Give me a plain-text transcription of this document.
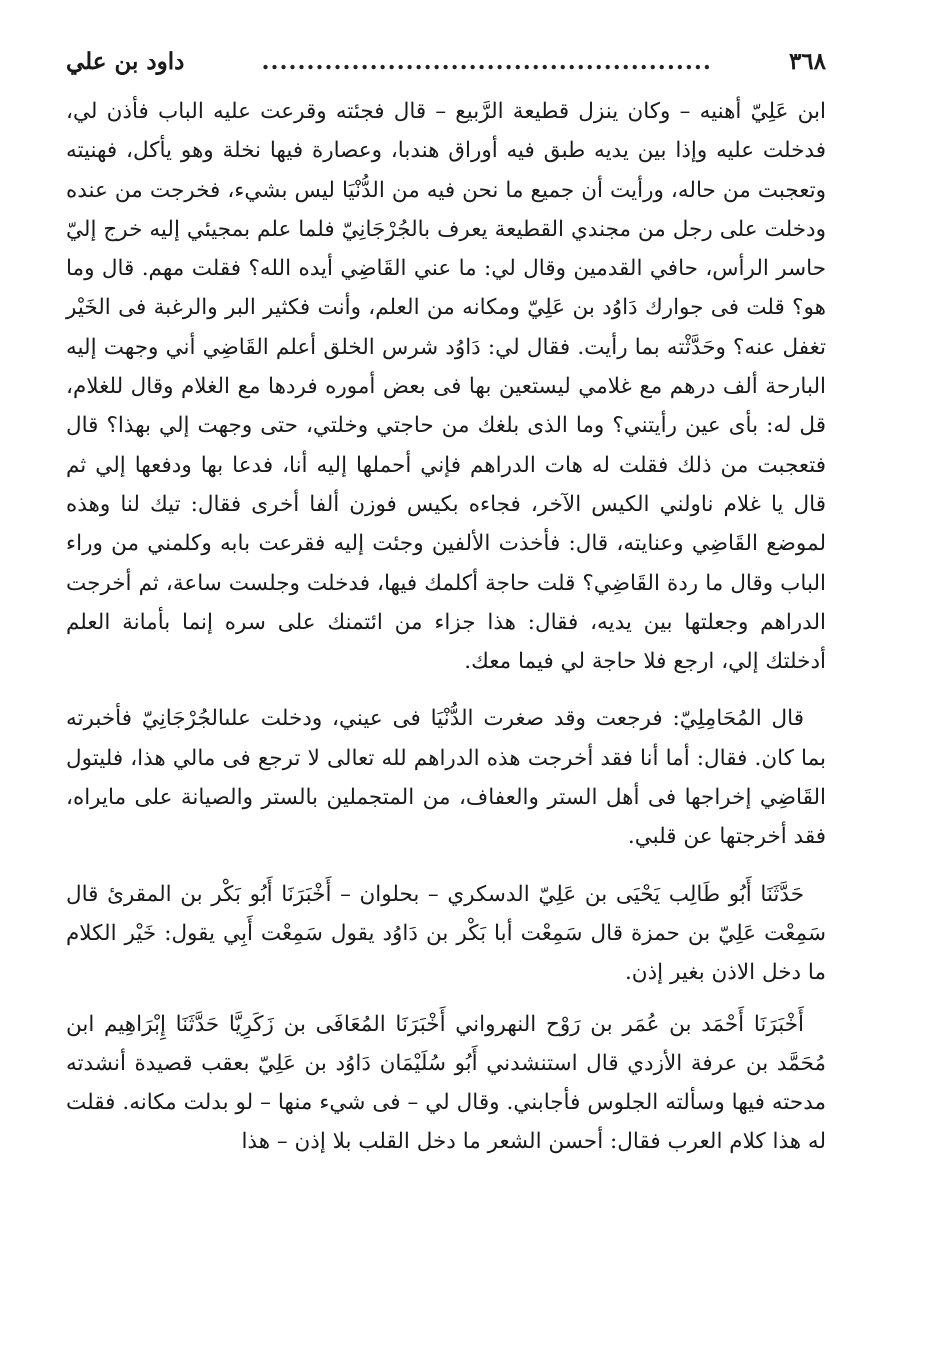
٣٦٨
..................................................
داود بن علي

ابن عَلِيّ أهنيه – وكان ينزل قطيعة الرَّبيع – قال فجئته وقرعت عليه الباب فأذن لي، فدخلت عليه وإذا بين يديه طبق فيه أوراق هندبا، وعصارة فيها نخلة وهو يأكل، فهنيته وتعجبت من حاله، ورأيت أن جميع ما نحن فيه من الدُّنْيَا ليس بشيء، فخرجت من عنده ودخلت على رجل من مجندي القطيعة يعرف بالجُرْجَانِيّ فلما علم بمجيئي إليه خرج إليّ حاسر الرأس، حافي القدمين وقال لي: ما عني القَاضِي أيده الله؟ فقلت مهم. قال وما هو؟ قلت فى جوارك دَاوُد بن عَلِيّ ومكانه من العلم، وأنت فكثير البر والرغبة فى الخَيْر تغفل عنه؟ وحَدَّثْته بما رأيت. فقال لي: دَاوُد شرس الخلق أعلم القَاضِي أني وجهت إليه البارحة ألف درهم مع غلامي ليستعين بها فى بعض أموره فردها مع الغلام وقال للغلام، قل له: بأى عين رأيتني؟ وما الذى بلغك من حاجتي وخلتي، حتى وجهت إلي بهذا؟ قال فتعجبت من ذلك فقلت له هات الدراهم فإني أحملها إليه أنا، فدعا بها ودفعها إلي ثم قال يا غلام ناولني الكيس الآخر، فجاءه بكيس فوزن ألفا أخرى فقال: تيك لنا وهذه لموضع القَاضِي وعنايته، قال: فأخذت الألفين وجئت إليه فقرعت بابه وكلمني من وراء الباب وقال ما ردة القَاضِي؟ قلت حاجة أكلمك فيها، فدخلت وجلست ساعة، ثم أخرجت الدراهم وجعلتها بين يديه، فقال: هذا جزاء من ائتمنك على سره إنما بأمانة العلم أدخلتك إلي، ارجع فلا حاجة لي فيما معك.

قال المُحَامِلِيّ: فرجعت وقد صغرت الدُّنْيَا فى عيني، ودخلت علىالجُرْجَانِيّ فأخبرته بما كان. فقال: أما أنا فقد أخرجت هذه الدراهم لله تعالى لا ترجع فى مالي هذا، فليتول القَاضِي إخراجها فى أهل الستر والعفاف، من المتجملين بالستر والصيانة على مايراه، فقد أخرجتها عن قلبي.

حَدَّثَنَا أَبُو طَالِب يَحْيَى بن عَلِيّ الدسكري – بحلوان – أَخْبَرَنَا أَبُو بَكْر بن المقرئ قال سَمِعْت عَلِيّ بن حمزة قال سَمِعْت أبا بَكْر بن دَاوُد يقول سَمِعْت أَبِي يقول: خَيْر الكلام ما دخل الاذن بغير إذن.

أَخْبَرَنَا أَحْمَد بن عُمَر بن رَوْح النهرواني أَخْبَرَنَا المُعَافَى بن زَكَرِيَّا حَدَّثَنَا إِبْرَاهِيم ابن مُحَمَّد بن عرفة الأزدي قال استنشدني أَبُو سُلَيْمَان دَاوُد بن عَلِيّ بعقب قصيدة أنشدته مدحته فيها وسألته الجلوس فأجابني. وقال لي – فى شيء منها – لو بدلت مكانه. فقلت له هذا كلام العرب فقال: أحسن الشعر ما دخل القلب بلا إذن – هذا
